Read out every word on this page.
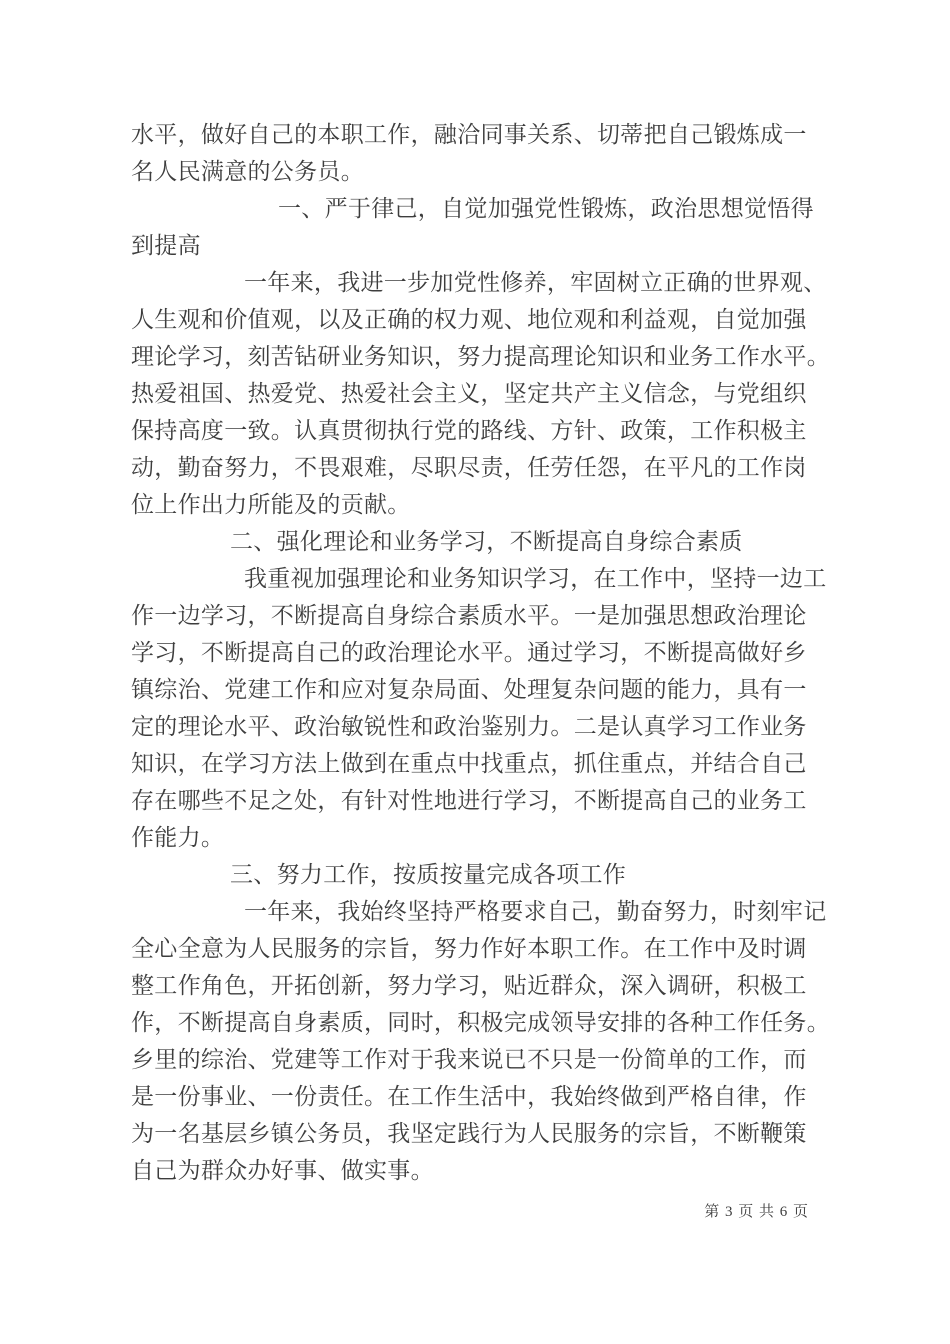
水平，做好自己的本职工作，融洽同事关系、切蒂把自己锻炼成一
名人民满意的公务员。
一、严于律己，自觉加强党性锻炼，政治思想觉悟得
到提高
一年来，我进一步加党性修养，牢固树立正确的世界观、
人生观和价值观，以及正确的权力观、地位观和利益观，自觉加强
理论学习，刻苦钻研业务知识，努力提高理论知识和业务工作水平。
热爱祖国、热爱党、热爱社会主义，坚定共产主义信念，与党组织
保持高度一致。认真贯彻执行党的路线、方针、政策，工作积极主
动，勤奋努力，不畏艰难，尽职尽责，任劳任怨，在平凡的工作岗
位上作出力所能及的贡献。
二、强化理论和业务学习，不断提高自身综合素质
我重视加强理论和业务知识学习，在工作中，坚持一边工
作一边学习，不断提高自身综合素质水平。一是加强思想政治理论
学习，不断提高自己的政治理论水平。通过学习，不断提高做好乡
镇综治、党建工作和应对复杂局面、处理复杂问题的能力，具有一
定的理论水平、政治敏锐性和政治鉴别力。二是认真学习工作业务
知识，在学习方法上做到在重点中找重点，抓住重点，并结合自己
存在哪些不足之处，有针对性地进行学习，不断提高自己的业务工
作能力。
三、努力工作，按质按量完成各项工作
一年来，我始终坚持严格要求自己，勤奋努力，时刻牢记
全心全意为人民服务的宗旨，努力作好本职工作。在工作中及时调
整工作角色，开拓创新，努力学习，贴近群众，深入调研，积极工
作，不断提高自身素质，同时，积极完成领导安排的各种工作任务。
乡里的综治、党建等工作对于我来说已不只是一份简单的工作，而
是一份事业、一份责任。在工作生活中，我始终做到严格自律，作
为一名基层乡镇公务员，我坚定践行为人民服务的宗旨，不断鞭策
自己为群众办好事、做实事。
第 3 页 共 6 页
